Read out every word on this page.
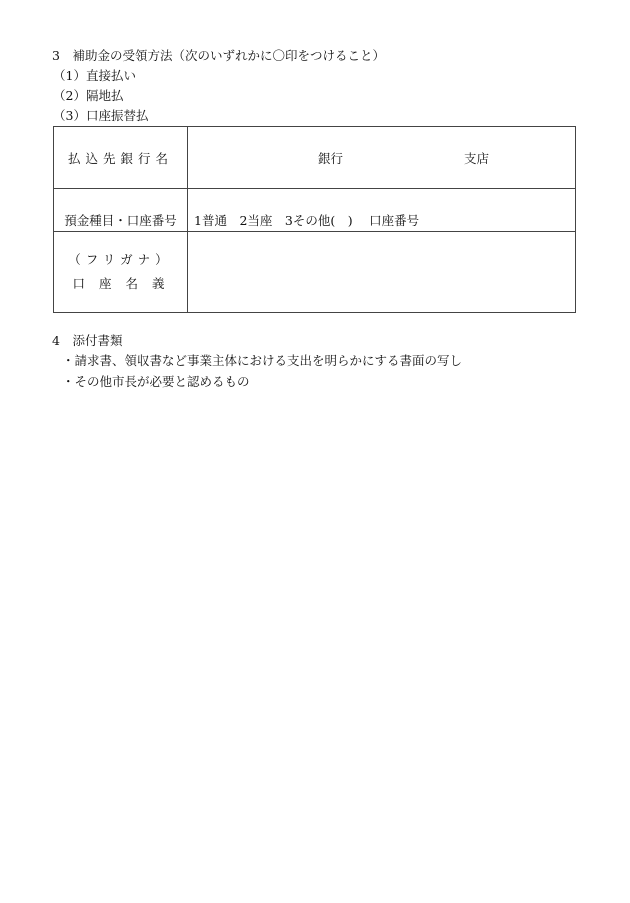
3　補助金の受領方法（次のいずれかに〇印をつけること）
（1）直接払い
（2）隔地払
（3）口座振替払
払込先銀行名	銀行 支店

預金種目・口座番号	1普通　2当座　3その他(　)　 口座番号

（フリガナ）
口座名義	

4　添付書類
・請求書、領収書など事業主体における支出を明らかにする書面の写し
・その他市長が必要と認めるもの
